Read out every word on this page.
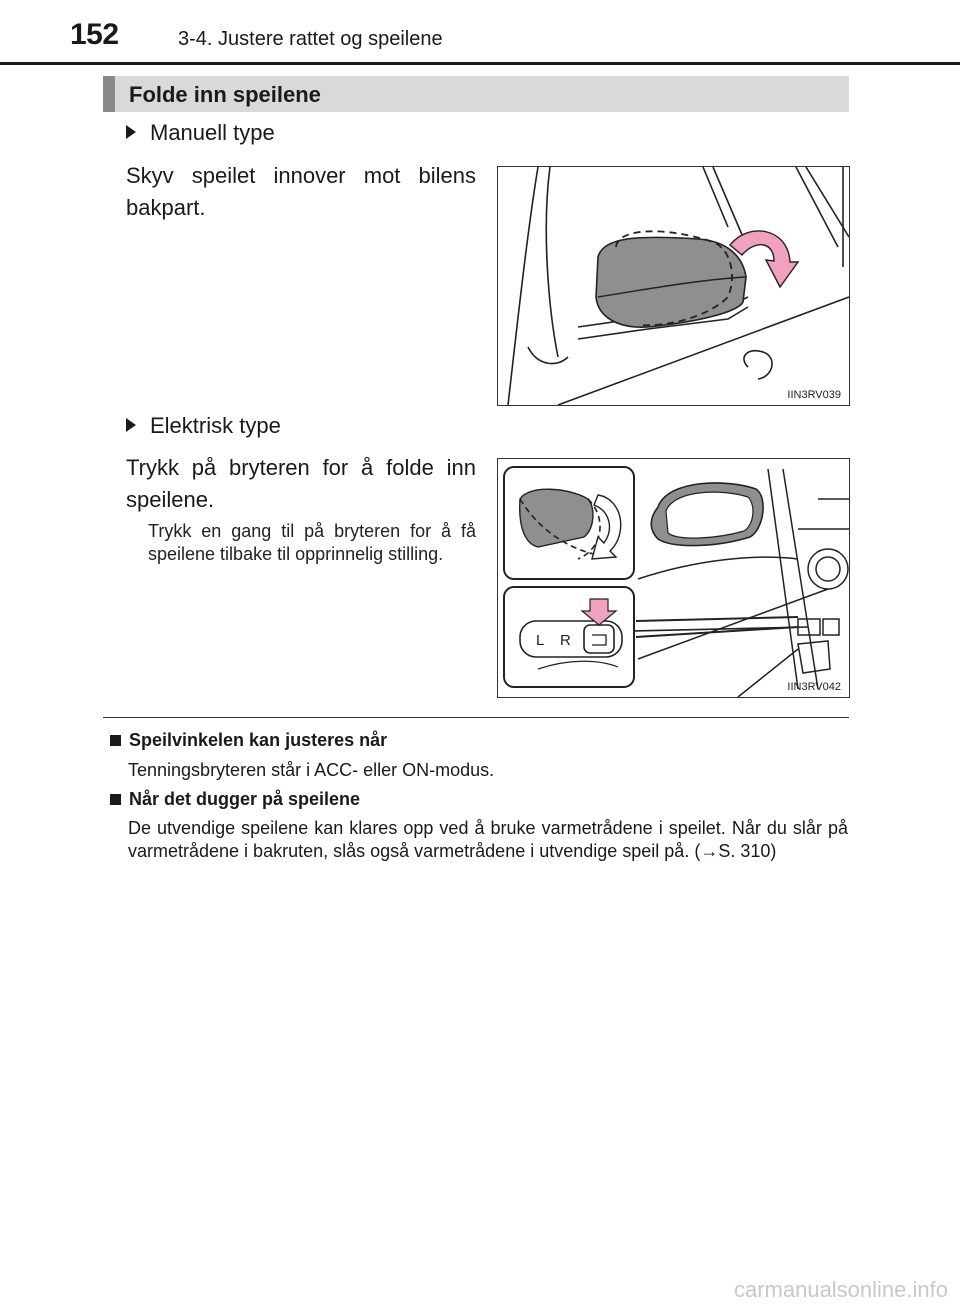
152	3-4. Justere rattet og speilene
Folde inn speilene
Manuell type
Skyv speilet innover mot bilens bakpart.
IIN3RV039
Elektrisk type
Trykk på bryteren for å folde inn speilene.
Trykk en gang til på bryteren for å få speilene tilbake til opprinnelig stilling.
L R
IIN3RV042
Speilvinkelen kan justeres når
Tenningsbryteren står i ACC- eller ON-modus.
Når det dugger på speilene
De utvendige speilene kan klares opp ved å bruke varmetrådene i speilet. Når du slår på varmetrådene i bakruten, slås også varmetrådene i utvendige speil på. (→S. 310)
carmanualsonline.info
